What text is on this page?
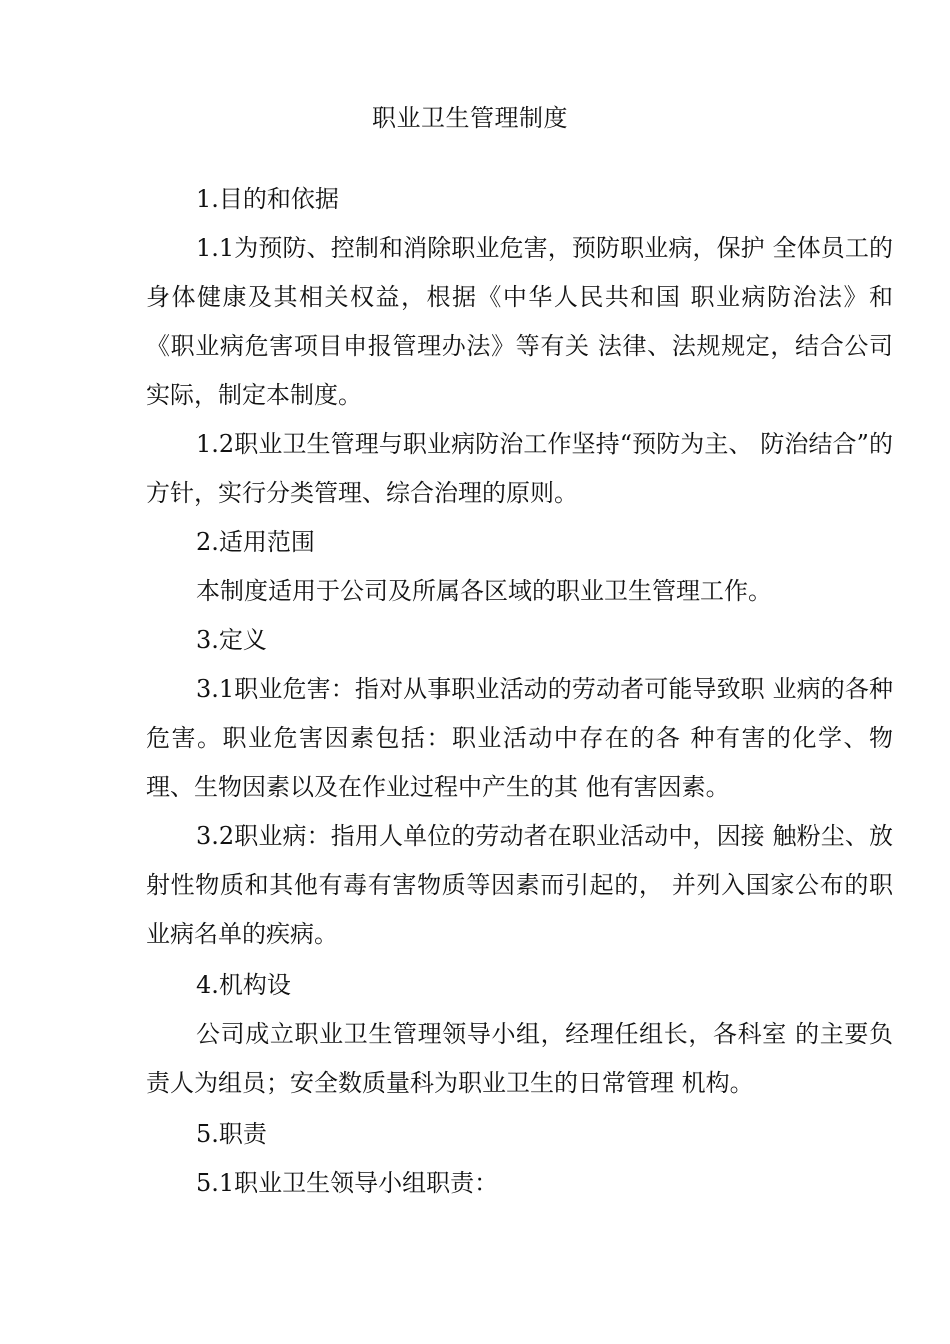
职业卫生管理制度

1.目的和依据

1.1为预防、控制和消除职业危害，预防职业病，保护 全体员工的身体健康及其相关权益，根据《中华人民共和国 职业病防治法》和《职业病危害项目申报管理办法》等有关 法律、法规规定，结合公司实际，制定本制度。

1.2职业卫生管理与职业病防治工作坚持“预防为主、 防治结合”的方针，实行分类管理、综合治理的原则。

2.适用范围

本制度适用于公司及所属各区域的职业卫生管理工作。

3.定义

3.1职业危害：指对从事职业活动的劳动者可能导致职 业病的各种危害。职业危害因素包括：职业活动中存在的各 种有害的化学、物理、生物因素以及在作业过程中产生的其 他有害因素。

3.2职业病：指用人单位的劳动者在职业活动中，因接 触粉尘、放射性物质和其他有毒有害物质等因素而引起的， 并列入国家公布的职业病名单的疾病。

4.机构设

公司成立职业卫生管理领导小组，经理任组长，各科室 的主要负责人为组员；安全数质量科为职业卫生的日常管理 机构。

5.职责

5.1职业卫生领导小组职责：
